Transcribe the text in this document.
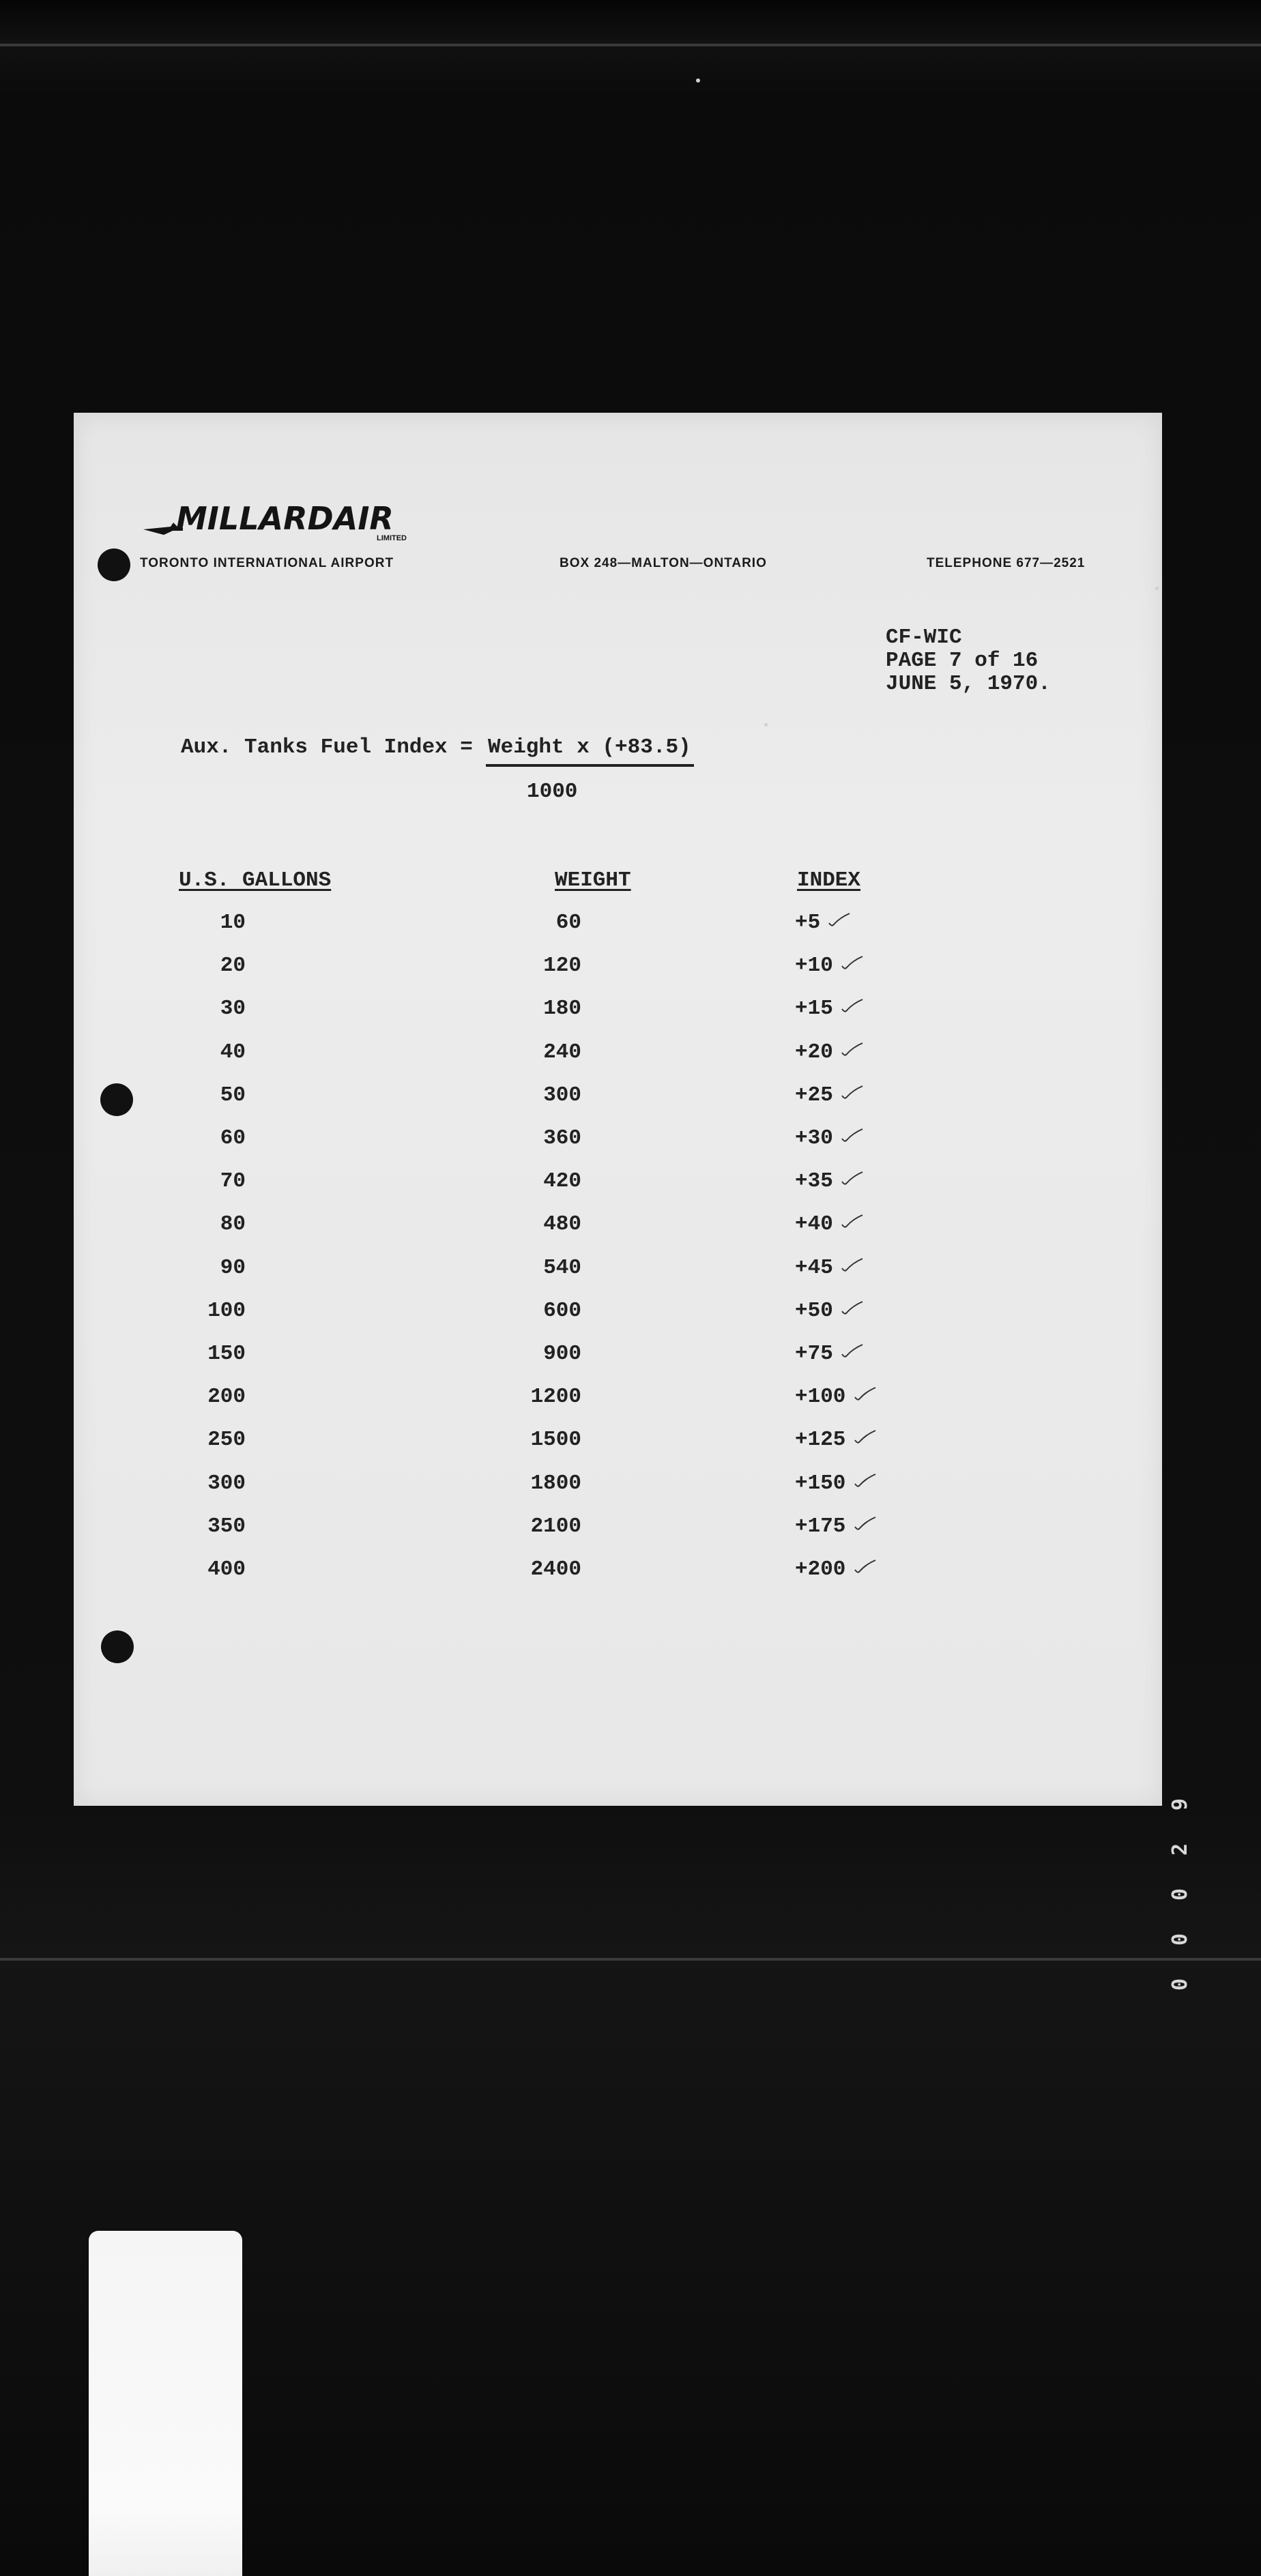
MILLARDAIR
LIMITED
TORONTO INTERNATIONAL AIRPORT	BOX 248—MALTON—ONTARIO	TELEPHONE 677—2521
CF-WIC
PAGE 7 of 16
JUNE 5, 1970.
Aux. Tanks Fuel Index = Weight x (+83.5)
1000
U.S. GALLONS	WEIGHT	INDEX
10	60	+5
20	120	+10
30	180	+15
40	240	+20
50	300	+25
60	360	+30
70	420	+35
80	480	+40
90	540	+45
100	600	+50
150	900	+75
200	1200	+100
250	1500	+125
300	1800	+150
350	2100	+175
400	2400	+200
9
2
0
0
0
